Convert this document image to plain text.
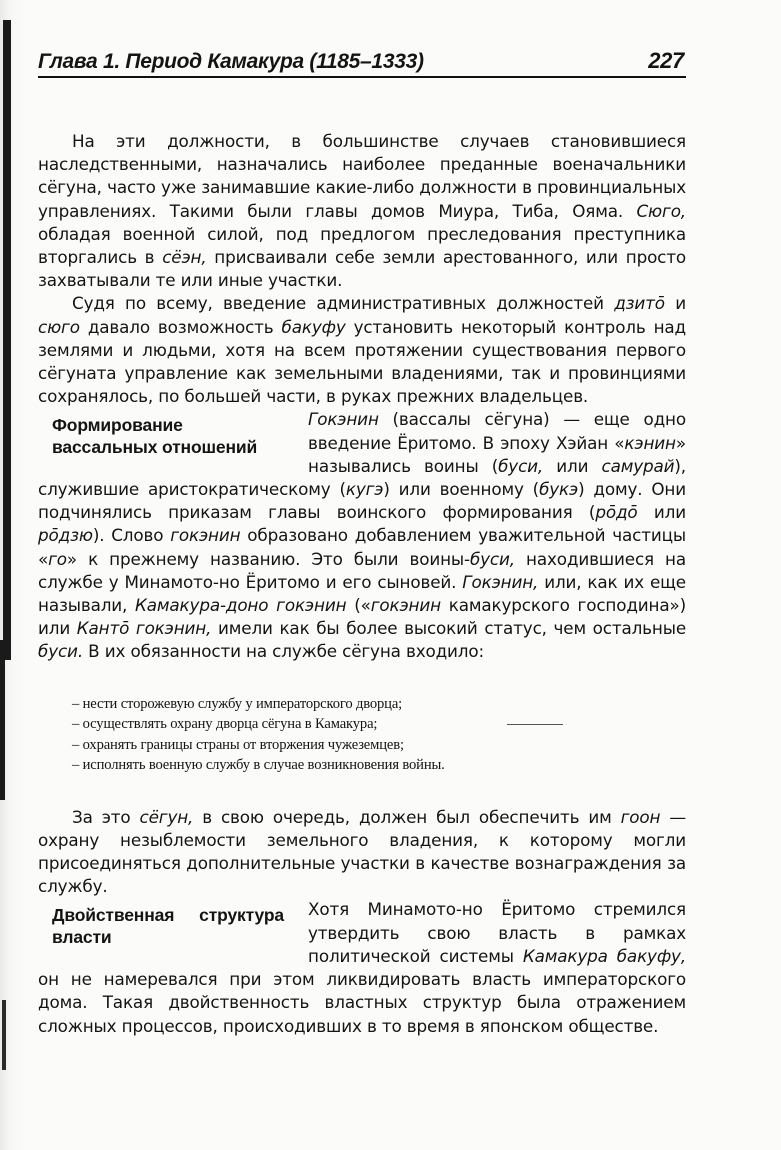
Глава 1. Период Камакура (1185–1333)	227

На эти должности, в большинстве случаев становившиеся наследственными, назначались наиболее преданные военачальники сёгуна, часто уже занимавшие какие-либо должности в провинциальных управлениях. Такими были главы домов Миура, Тиба, Ояма. Сюго, обладая военной силой, под предлогом преследования преступника вторгались в сёэн, присваивали себе земли арестованного, или просто захватывали те или иные участки.

Судя по всему, введение административных должностей дзитō и сюго давало возможность бакуфу установить некоторый контроль над землями и людьми, хотя на всем протяжении существования первого сёгуната управление как земельными владениями, так и провинциями сохранялось, по большей части, в руках прежних владельцев.

Формирование вассальных отношений
Гокэнин (вассалы сёгуна) — еще одно введение Ёритомо. В эпоху Хэйан «кэнин» назывались воины (буси, или самурай), служившие аристократическому (кугэ) или военному (букэ) дому. Они подчинялись приказам главы воинского формирования (рōдō или рōдзю). Слово гокэнин образовано добавлением уважительной частицы «го» к прежнему названию. Это были воины-буси, находившиеся на службе у Минамото-но Ёритомо и его сыновей. Гокэнин, или, как их еще называли, Камакура-доно гокэнин («гокэнин камакурского господина») или Кантō гокэнин, имели как бы более высокий статус, чем остальные буси. В их обязанности на службе сёгуна входило:

– нести сторожевую службу у императорского дворца;
– осуществлять охрану дворца сёгуна в Камакура;
– охранять границы страны от вторжения чужеземцев;
– исполнять военную службу в случае возникновения войны.

За это сёгун, в свою очередь, должен был обеспечить им гоон — охрану незыблемости земельного владения, к которому могли присоединяться дополнительные участки в качестве вознаграждения за службу.

Двойственная структура власти
Хотя Минамото-но Ёритомо стремился утвердить свою власть в рамках политической системы Камакура бакуфу, он не намеревался при этом ликвидировать власть императорского дома. Такая двойственность властных структур была отражением сложных процессов, происходивших в то время в японском обществе.
